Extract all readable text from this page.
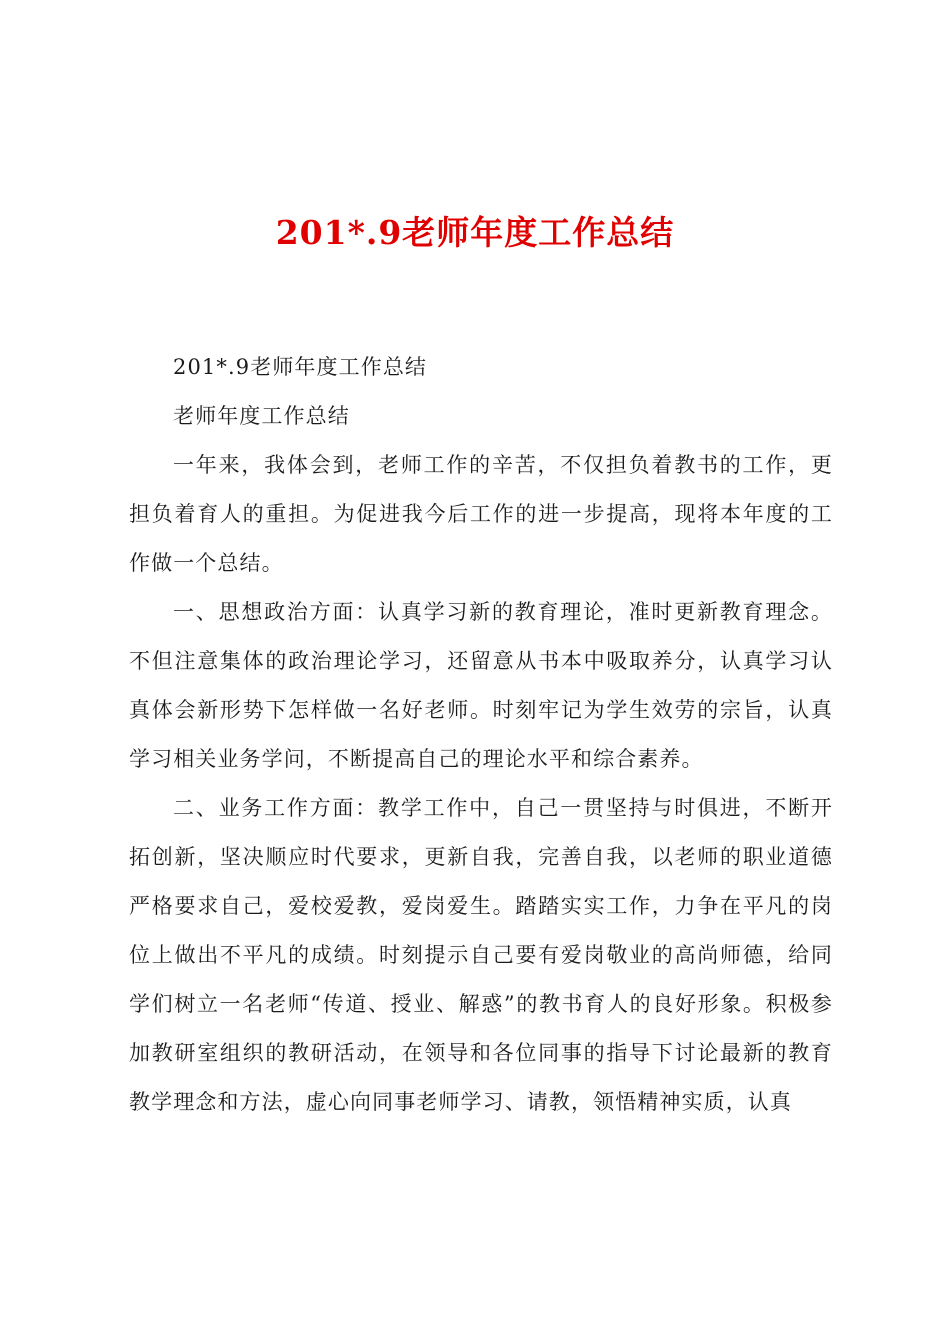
201*.9老师年度工作总结

201*.9老师年度工作总结

老师年度工作总结

一年来，我体会到，老师工作的辛苦，不仅担负着教书的工作，更担负着育人的重担。为促进我今后工作的进一步提高，现将本年度的工作做一个总结。

一、思想政治方面：认真学习新的教育理论，准时更新教育理念。不但注意集体的政治理论学习，还留意从书本中吸取养分，认真学习认真体会新形势下怎样做一名好老师。时刻牢记为学生效劳的宗旨，认真学习相关业务学问，不断提高自己的理论水平和综合素养。

二、业务工作方面：教学工作中，自己一贯坚持与时俱进，不断开拓创新，坚决顺应时代要求，更新自我，完善自我，以老师的职业道德严格要求自己，爱校爱教，爱岗爱生。踏踏实实工作，力争在平凡的岗位上做出不平凡的成绩。时刻提示自己要有爱岗敬业的高尚师德，给同学们树立一名老师“传道、授业、解惑”的教书育人的良好形象。积极参加教研室组织的教研活动，在领导和各位同事的指导下讨论最新的教育教学理念和方法，虚心向同事老师学习、请教，领悟精神实质，认真
